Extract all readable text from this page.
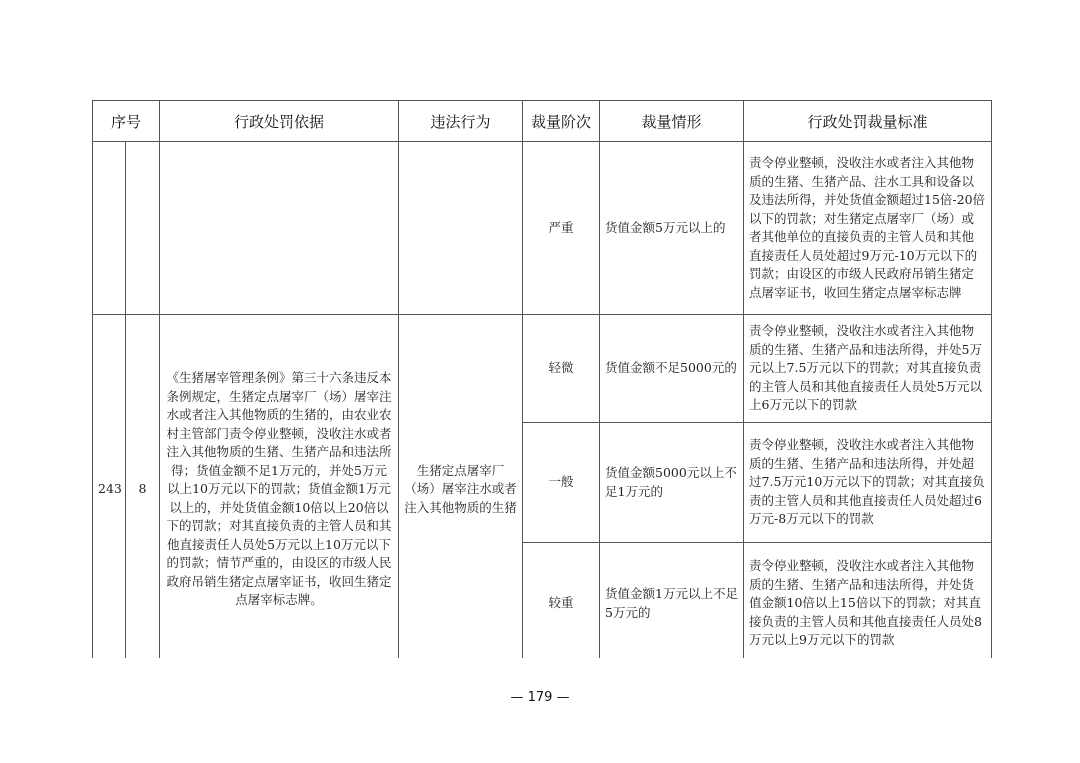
序号		行政处罚依据	违法行为	裁量阶次	裁量情形	行政处罚裁量标准
				严重	货值金额5万元以上的	责令停业整顿，没收注水或者注入其他物质的生猪、生猪产品、注水工具和设备以及违法所得，并处货值金额超过15倍-20倍以下的罚款；对生猪定点屠宰厂（场）或者其他单位的直接负责的主管人员和其他直接责任人员处超过9万元-10万元以下的罚款；由设区的市级人民政府吊销生猪定点屠宰证书，收回生猪定点屠宰标志牌
243	8	《生猪屠宰管理条例》第三十六条违反本条例规定，生猪定点屠宰厂（场）屠宰注水或者注入其他物质的生猪的，由农业农村主管部门责令停业整顿，没收注水或者注入其他物质的生猪、生猪产品和违法所得；货值金额不足1万元的，并处5万元以上10万元以下的罚款；货值金额1万元以上的，并处货值金额10倍以上20倍以下的罚款；对其直接负责的主管人员和其他直接责任人员处5万元以上10万元以下的罚款；情节严重的，由设区的市级人民政府吊销生猪定点屠宰证书，收回生猪定点屠宰标志牌。	生猪定点屠宰厂（场）屠宰注水或者注入其他物质的生猪	轻微	货值金额不足5000元的	责令停业整顿，没收注水或者注入其他物质的生猪、生猪产品和违法所得，并处5万元以上7.5万元以下的罚款；对其直接负责的主管人员和其他直接责任人员处5万元以上6万元以下的罚款
				一般	货值金额5000元以上不足1万元的	责令停业整顿，没收注水或者注入其他物质的生猪、生猪产品和违法所得，并处超过7.5万元10万元以下的罚款；对其直接负责的主管人员和其他直接责任人员处超过6万元-8万元以下的罚款
				较重	货值金额1万元以上不足5万元的	责令停业整顿，没收注水或者注入其他物质的生猪、生猪产品和违法所得，并处货值金额10倍以上15倍以下的罚款；对其直接负责的主管人员和其他直接责任人员处8万元以上9万元以下的罚款
— 179 —
